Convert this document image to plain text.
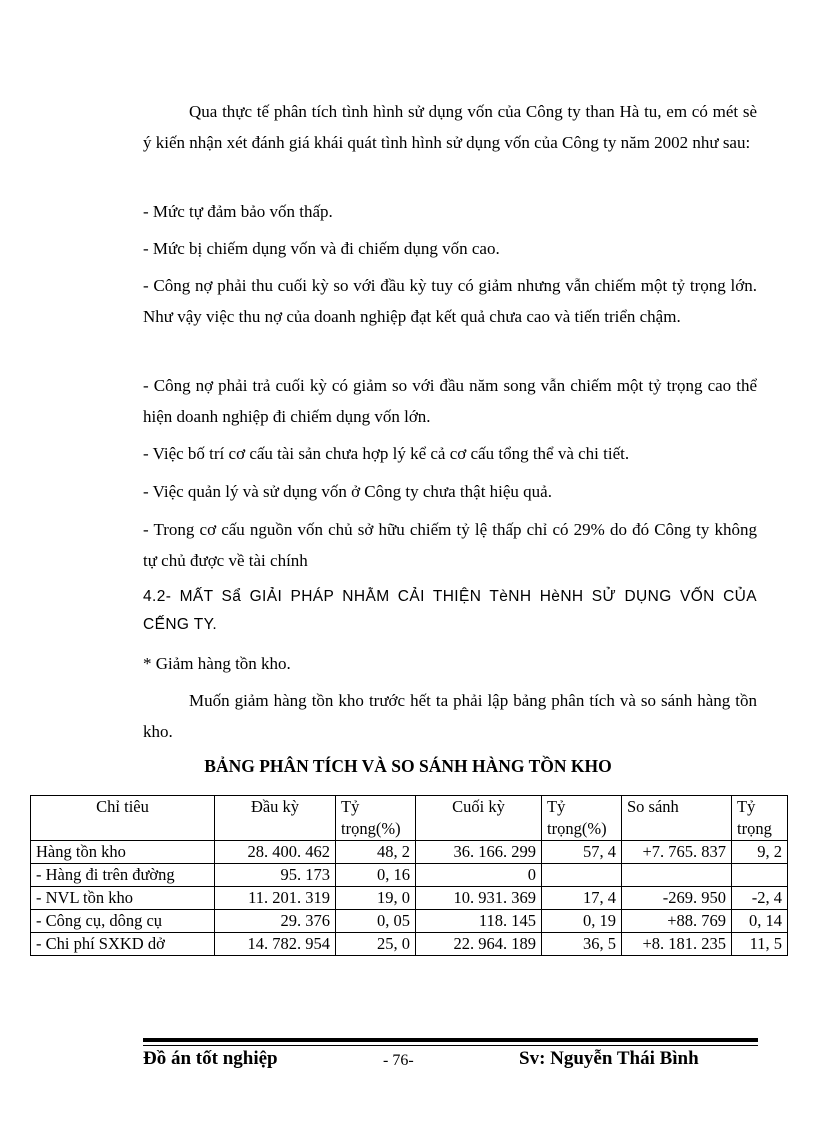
Qua thực tế phân tích tình hình sử dụng vốn của Công ty than Hà tu, em có mét sè ý kiến nhận xét đánh giá khái quát tình hình sử dụng vốn của Công ty năm 2002 như sau:

- Mức tự đảm bảo vốn thấp.

- Mức bị chiếm dụng vốn và đi chiếm dụng vốn cao.

- Công nợ phải thu cuối kỳ so với đầu kỳ tuy có giảm nhưng vẫn chiếm một tỷ trọng lớn. Như vậy việc thu nợ của doanh nghiệp đạt kết quả chưa cao và tiến triển chậm.

- Công nợ phải trả cuối kỳ có giảm so với đầu năm song vẫn chiếm một tỷ trọng cao thể hiện doanh nghiệp đi chiếm dụng vốn lớn.

- Việc bố trí cơ cấu tài sản chưa hợp lý kể cả cơ cấu tổng thể và chi tiết.

- Việc quản lý và sử dụng vốn ở Công ty chưa thật hiệu quả.

- Trong cơ cấu nguồn vốn chủ sở hữu chiếm tỷ lệ thấp chỉ có 29% do đó Công ty không tự chủ được về tài chính

4.2- MẤT Sẩ GIẢI PHÁP NHẰM CẢI THIỆN TèNH HèNH SỬ DỤNG VỐN CỦA CẾNG TY.

* Giảm hàng tồn kho.

Muốn giảm hàng tồn kho trước hết ta phải lập bảng phân tích và so sánh hàng tồn kho.

BẢNG PHÂN TÍCH VÀ SO SÁNH HÀNG TỒN KHO

Chỉ tiêu	Đầu kỳ	Tỷ trọng(%)	Cuối kỳ	Tỷ trọng(%)	So sánh	Tỷ trọng
Hàng tồn kho	28. 400. 462	48, 2	36. 166. 299	57, 4	+7. 765. 837	9, 2
- Hàng đi trên đường	95. 173	0, 16	0			
- NVL tồn kho	11. 201. 319	19, 0	10. 931. 369	17, 4	-269. 950	-2, 4
- Công cụ, dông cụ	29. 376	0, 05	118. 145	0, 19	+88. 769	0, 14
- Chi phí SXKD dở	14. 782. 954	25, 0	22. 964. 189	36, 5	+8. 181. 235	11, 5
Đồ án tốt nghiệp	- 76-	Sv: Nguyễn Thái Bình
